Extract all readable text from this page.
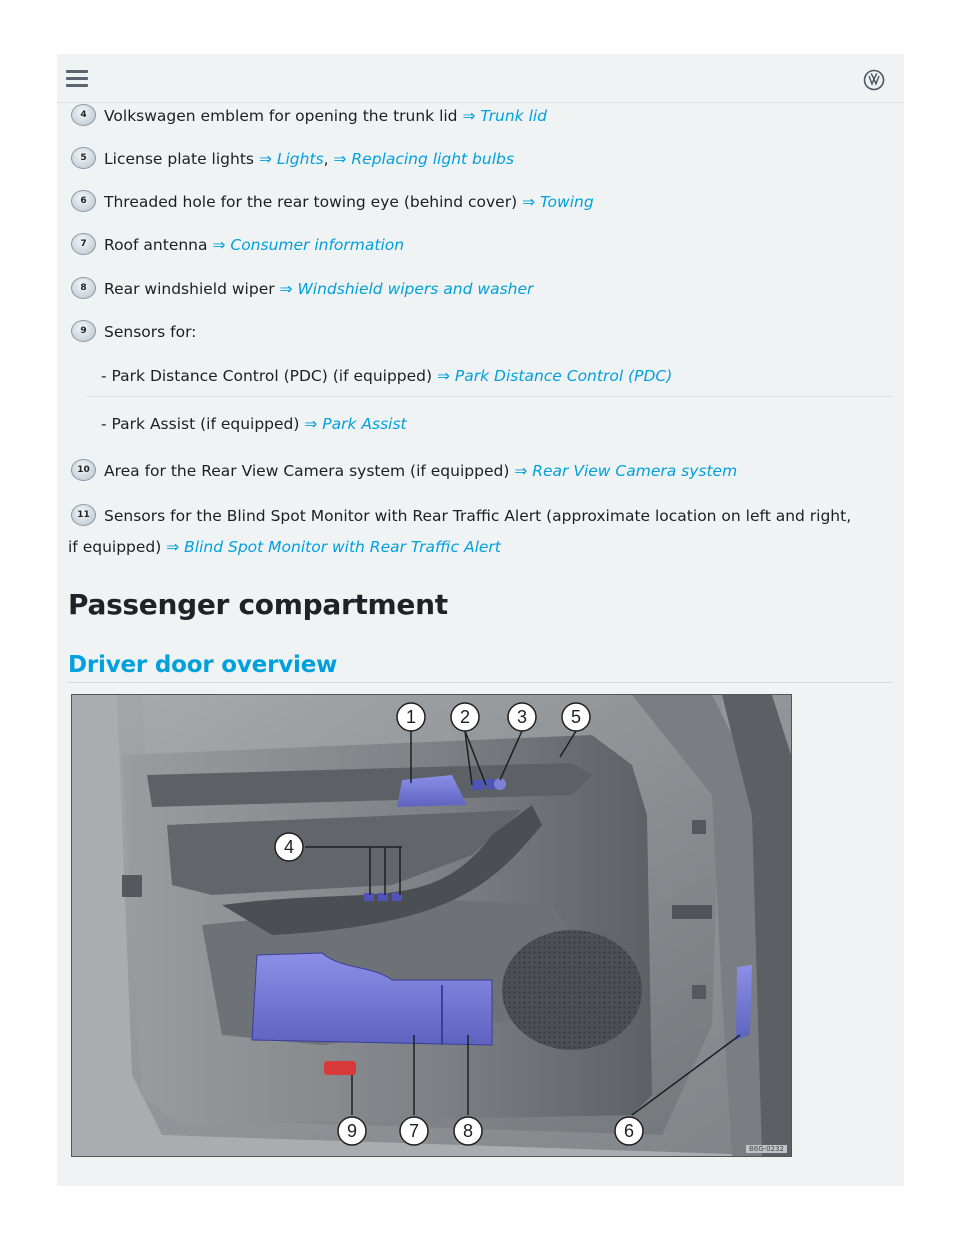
4 Volkswagen emblem for opening the trunk lid ⇒ Trunk lid
5 License plate lights ⇒ Lights, ⇒ Replacing light bulbs
6 Threaded hole for the rear towing eye (behind cover) ⇒ Towing
7 Roof antenna ⇒ Consumer information
8 Rear windshield wiper ⇒ Windshield wipers and washer
9 Sensors for:
- Park Distance Control (PDC) (if equipped) ⇒ Park Distance Control (PDC)
- Park Assist (if equipped) ⇒ Park Assist
10 Area for the Rear View Camera system (if equipped) ⇒ Rear View Camera system
11 Sensors for the Blind Spot Monitor with Rear Traffic Alert (approximate location on left and right,
if equipped) ⇒ Blind Spot Monitor with Rear Traffic Alert
Passenger compartment
Driver door overview
1 2	3 5
4
9	7 8	6
B6G-0232
